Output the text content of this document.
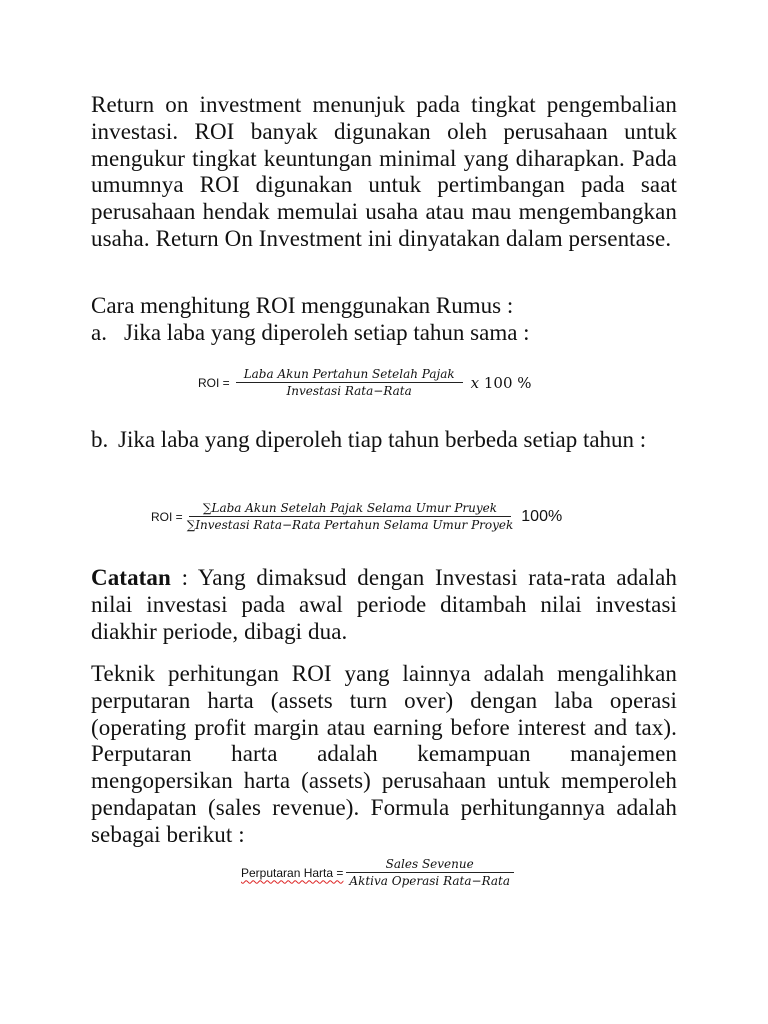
Return on investment menunjuk pada tingkat pengembalian investasi. ROI banyak digunakan oleh perusahaan untuk mengukur tingkat keuntungan minimal yang diharapkan. Pada umumnya ROI digunakan untuk pertimbangan pada saat perusahaan hendak memulai usaha atau mau mengembangkan usaha. Return On Investment ini dinyatakan dalam persentase.

Cara menghitung ROI menggunakan Rumus :

a. Jika laba yang diperoleh setiap tahun sama :

ROI = $\frac{\text{Laba Akun Pertahun Setelah Pajak}}{\text{Investasi Rata−Rata}}$ x 100 %

b. Jika laba yang diperoleh tiap tahun berbeda setiap tahun :

ROI = $\frac{\text{∑Laba Akun Setelah Pajak Selama Umur Pruyek}}{\text{∑Investasi Rata−Rata Pertahun Selama Umur Proyek}} 100\%$

Catatan : Yang dimaksud dengan Investasi rata-rata adalah nilai investasi pada awal periode ditambah nilai investasi diakhir periode, dibagi dua.

Teknik perhitungan ROI yang lainnya adalah mengalihkan perputaran harta (assets turn over) dengan laba operasi (operating profit margin atau earning before interest and tax). Perputaran harta adalah kemampuan manajemen mengopersikan harta (assets) perusahaan untuk memperoleh pendapatan (sales revenue). Formula perhitungannya adalah sebagai berikut :

Perputaran Harta = $\frac{\text{Sales Sevenue}}{\text{Aktiva Operasi Rata−Rata}}$
